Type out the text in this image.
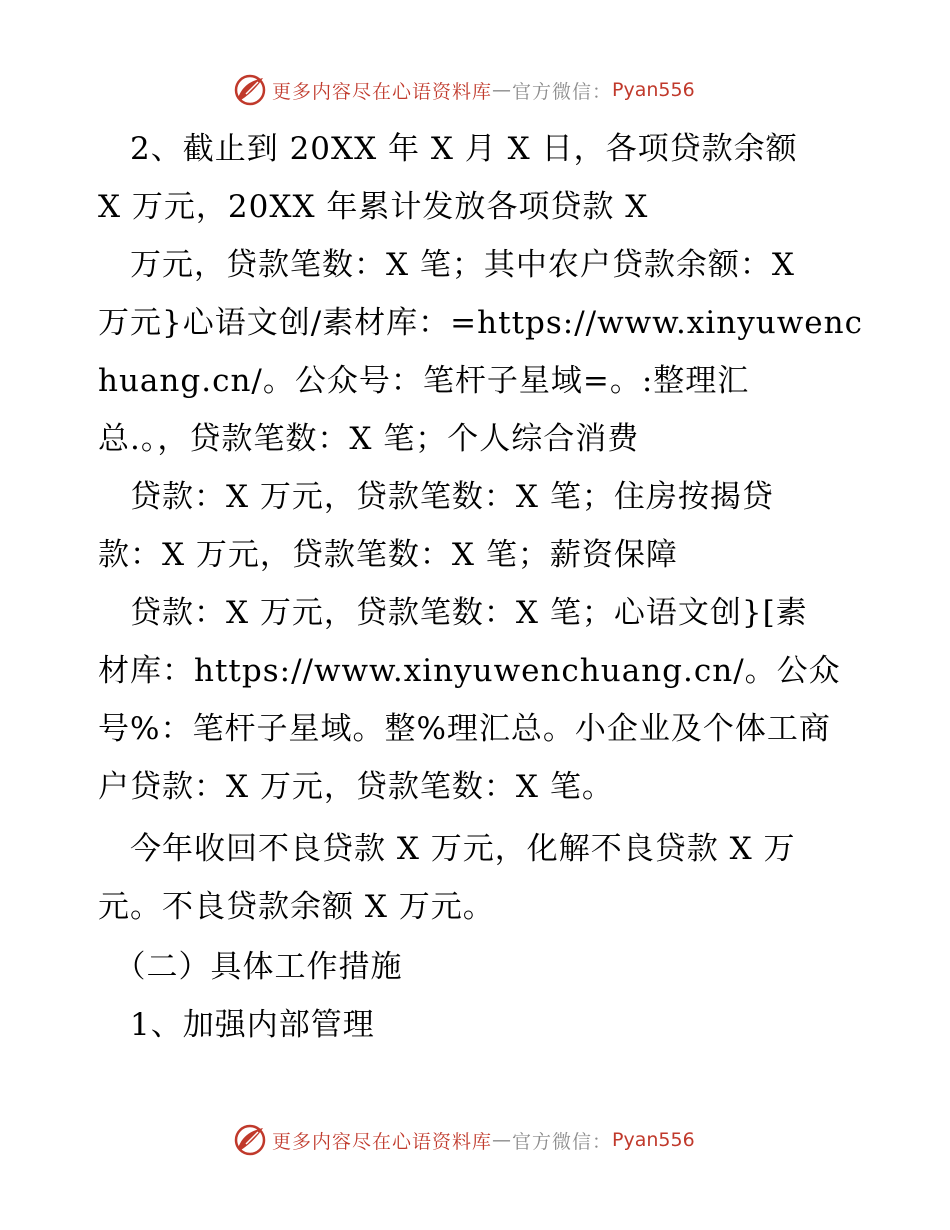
更多内容尽在心语资料库 — 官方微信： Pyan556
　2、截止到 20XX 年 X 月 X 日，各项贷款余额
X 万元，20XX 年累计发放各项贷款 X
　万元，贷款笔数：X 笔；其中农户贷款余额：X
万元}心语文创/素材库：=https://www.xinyuwenc
huang.cn/。公众号：笔杆子星域=。:整理汇
总.。，贷款笔数：X 笔；个人综合消费
　贷款：X 万元，贷款笔数：X 笔；住房按揭贷
款：X 万元，贷款笔数：X 笔；薪资保障
　贷款：X 万元，贷款笔数：X 笔；心语文创}[素
材库：https://www.xinyuwenchuang.cn/。公众
号%：笔杆子星域。整%理汇总。小企业及个体工商
户贷款：X 万元，贷款笔数：X 笔。
　今年收回不良贷款 X 万元，化解不良贷款 X 万
元。不良贷款余额 X 万元。
　（二）具体工作措施
　1、加强内部管理
更多内容尽在心语资料库 — 官方微信： Pyan556
